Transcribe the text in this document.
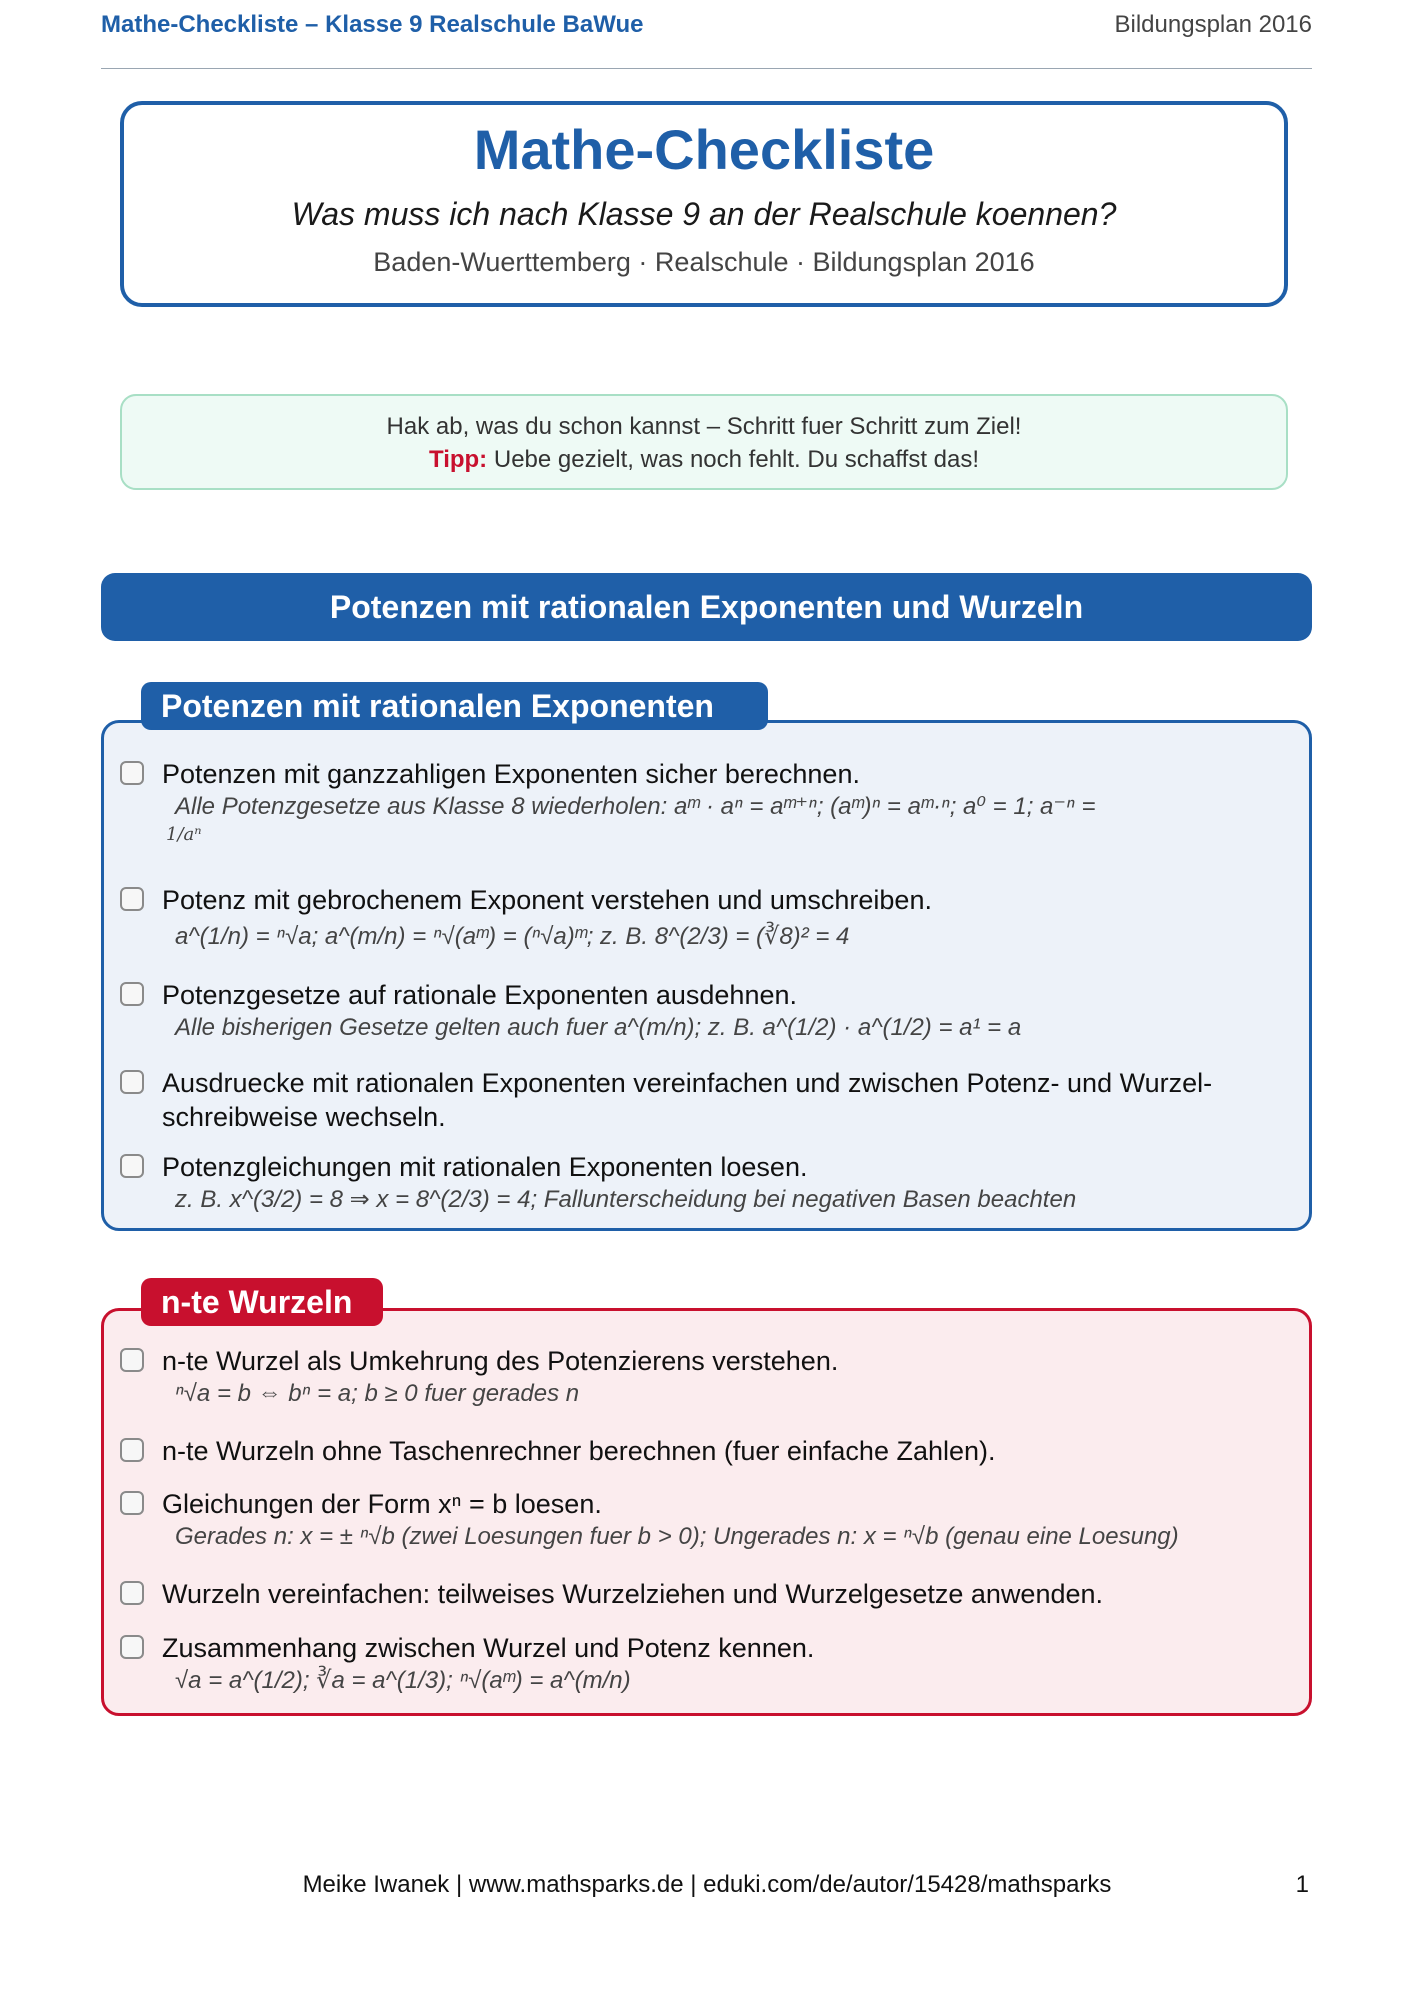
Mathe-Checkliste – Klasse 9 Realschule BaWue	Bildungsplan 2016
Mathe-Checkliste
Was muss ich nach Klasse 9 an der Realschule koennen?
Baden-Wuerttemberg · Realschule · Bildungsplan 2016
Hak ab, was du schon kannst – Schritt fuer Schritt zum Ziel!
Tipp: Uebe gezielt, was noch fehlt. Du schaffst das!
Potenzen mit rationalen Exponenten und Wurzeln
Potenzen mit rationalen Exponenten
Potenzen mit ganzzahligen Exponenten sicher berechnen.
Alle Potenzgesetze aus Klasse 8 wiederholen: aᵐ · aⁿ = aᵐ⁺ⁿ; (aᵐ)ⁿ = aᵐ·ⁿ; a⁰ = 1; a⁻ⁿ =
1/aⁿ
Potenz mit gebrochenem Exponent verstehen und umschreiben.
a^(1/n) = ⁿ√a; a^(m/n) = ⁿ√(aᵐ) = (ⁿ√a)ᵐ; z. B. 8^(2/3) = (∛8)² = 4
Potenzgesetze auf rationale Exponenten ausdehnen.
Alle bisherigen Gesetze gelten auch fuer a^(m/n); z. B. a^(1/2) · a^(1/2) = a¹ = a
Ausdruecke mit rationalen Exponenten vereinfachen und zwischen Potenz- und Wurzel-
schreibweise wechseln.
Potenzgleichungen mit rationalen Exponenten loesen.
z. B. x^(3/2) = 8 ⇒ x = 8^(2/3) = 4; Fallunterscheidung bei negativen Basen beachten
n-te Wurzeln
n-te Wurzel als Umkehrung des Potenzierens verstehen.
ⁿ√a = b ⇔ bⁿ = a; b ≥ 0 fuer gerades n
n-te Wurzeln ohne Taschenrechner berechnen (fuer einfache Zahlen).
Gleichungen der Form xⁿ = b loesen.
Gerades n: x = ± ⁿ√b (zwei Loesungen fuer b > 0); Ungerades n: x = ⁿ√b (genau eine Loesung)
Wurzeln vereinfachen: teilweises Wurzelziehen und Wurzelgesetze anwenden.
Zusammenhang zwischen Wurzel und Potenz kennen.
√a = a^(1/2); ∛a = a^(1/3); ⁿ√(aᵐ) = a^(m/n)
Meike Iwanek | www.mathsparks.de | eduki.com/de/autor/15428/mathsparks	1
